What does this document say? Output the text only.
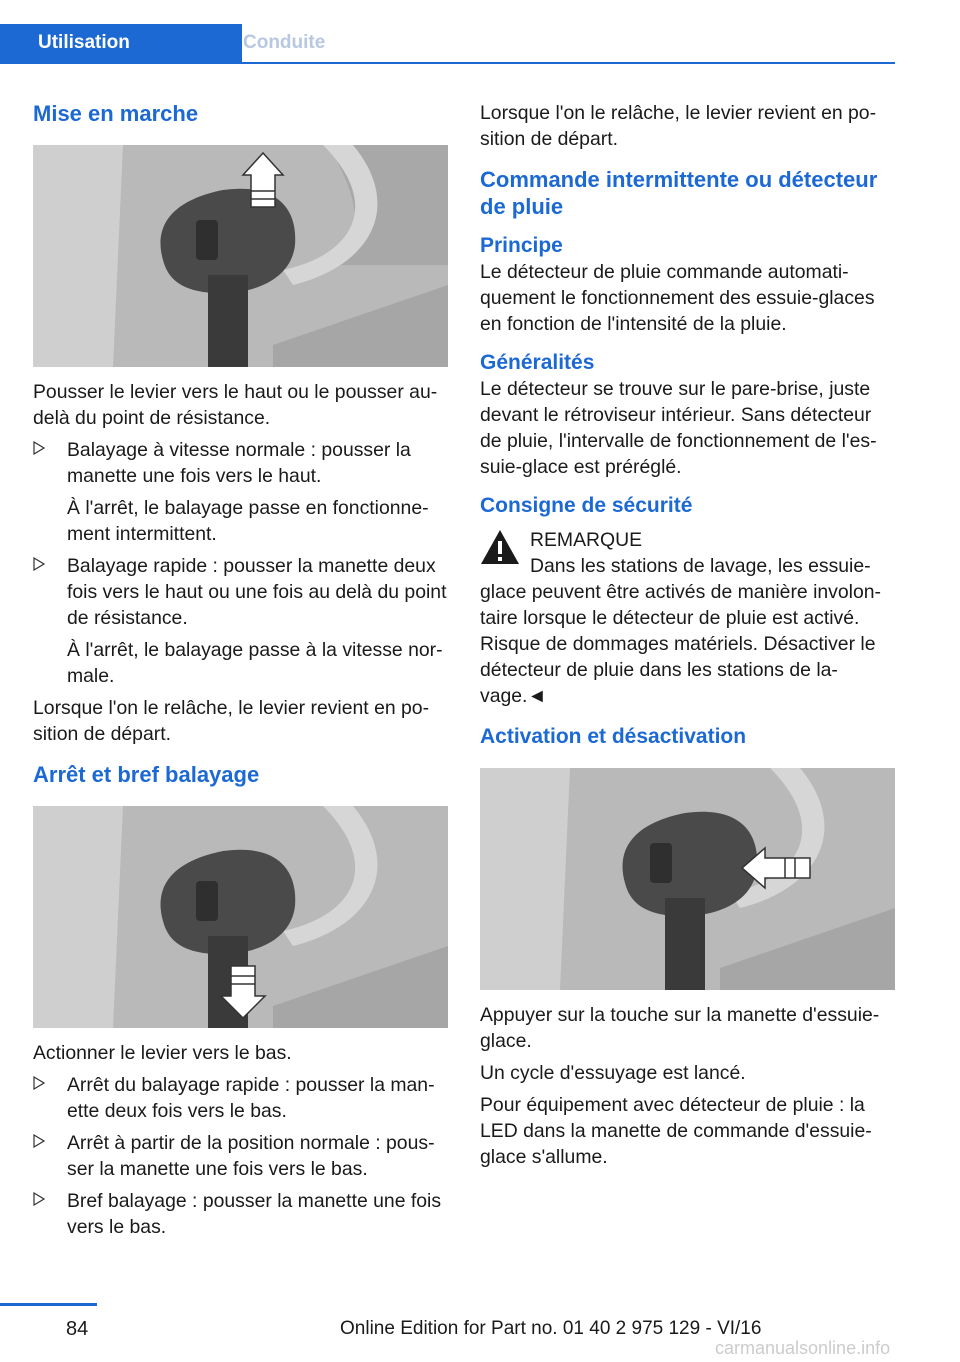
Utilisation	Conduite
Mise en marche

Pousser le levier vers le haut ou le pousser au-delà du point de résistance.

Balayage à vitesse normale : pousser la manette une fois vers le haut.
À l'arrêt, le balayage passe en fonctionne-ment intermittent.
Balayage rapide : pousser la manette deux fois vers le haut ou une fois au delà du point de résistance.
À l'arrêt, le balayage passe à la vitesse nor-male.

Lorsque l'on le relâche, le levier revient en po-sition de départ.

Arrêt et bref balayage

Actionner le levier vers le bas.

Arrêt du balayage rapide : pousser la man-ette deux fois vers le bas.
Arrêt à partir de la position normale : pous-ser la manette une fois vers le bas.
Bref balayage : pousser la manette une fois vers le bas.

Lorsque l'on le relâche, le levier revient en po-sition de départ.

Commande intermittente ou détecteur de pluie
Principe

Le détecteur de pluie commande automati-quement le fonctionnement des essuie-glaces en fonction de l'intensité de la pluie.

Généralités

Le détecteur se trouve sur le pare-brise, juste devant le rétroviseur intérieur. Sans détecteur de pluie, l'intervalle de fonctionnement de l'es-suie-glace est préréglé.

Consigne de sécurité
REMARQUE
Dans les stations de lavage, les essuie-

glace peuvent être activés de manière involon-taire lorsque le détecteur de pluie est activé. Risque de dommages matériels. Désactiver le détecteur de pluie dans les stations de la-vage.◄

Activation et désactivation

Appuyer sur la touche sur la manette d'essuie-glace.

Un cycle d'essuyage est lancé.

Pour équipement avec détecteur de pluie : la LED dans la manette de commande d'essuie-glace s'allume.

84	Online Edition for Part no. 01 40 2 975 129 - VI/16
carmanualsonline.info
